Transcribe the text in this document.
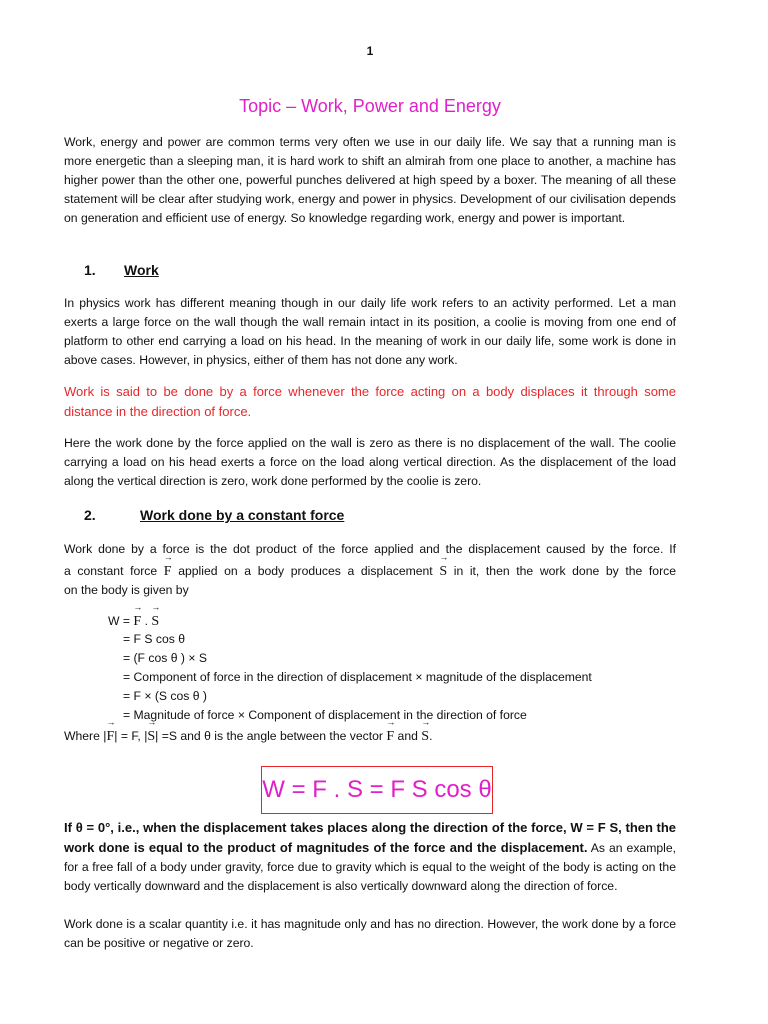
1
Topic – Work, Power and Energy

Work, energy and power are common terms very often we use in our daily life. We say that a running man is more energetic than a sleeping man, it is hard work to shift an almirah from one place to another, a machine has higher power than the other one, powerful punches delivered at high speed by a boxer. The meaning of all these statement will be clear after studying work, energy and power in physics. Development of our civilisation depends on generation and efficient use of energy. So knowledge regarding work, energy and power is important.

1. Work

In physics work has different meaning though in our daily life work refers to an activity performed. Let a man exerts a large force on the wall though the wall remain intact in its position, a coolie is moving from one end of platform to other end carrying a load on his head. In the meaning of work in our daily life, some work is done in above cases. However, in physics, either of them has not done any work.

Work is said to be done by a force whenever the force acting on a body displaces it through some distance in the direction of force.

Here the work done by the force applied on the wall is zero as there is no displacement of the wall. The coolie carrying a load on his head exerts a force on the load along vertical direction. As the displacement of the load along the vertical direction is zero, work done performed by the coolie is zero.

2.	Work done by a constant force
Work done by a force is the dot product of the force applied and the displacement caused by the force. If
a constant force → F applied on a body produces a displacement → S in it, then the work done by the force
on the body is given by
W = → F . → S
= F S cos θ
= (F cos θ ) × S
= Component of force in the direction of displacement × magnitude of the displacement
= F × (S cos θ )
= Magnitude of force × Component of displacement in the direction of force
Where |→ F| = F, |→ S| =S and θ is the angle between the vector → F and → S.
W = F . S = F S cos θ

If θ = 0°, i.e., when the displacement takes places along the direction of the force, W = F S, then the work done is equal to the product of magnitudes of the force and the displacement. As an example, for a free fall of a body under gravity, force due to gravity which is equal to the weight of the body is acting on the body vertically downward and the displacement is also vertically downward along the direction of force.

Work done is a scalar quantity i.e. it has magnitude only and has no direction. However, the work done by a force can be positive or negative or zero.
